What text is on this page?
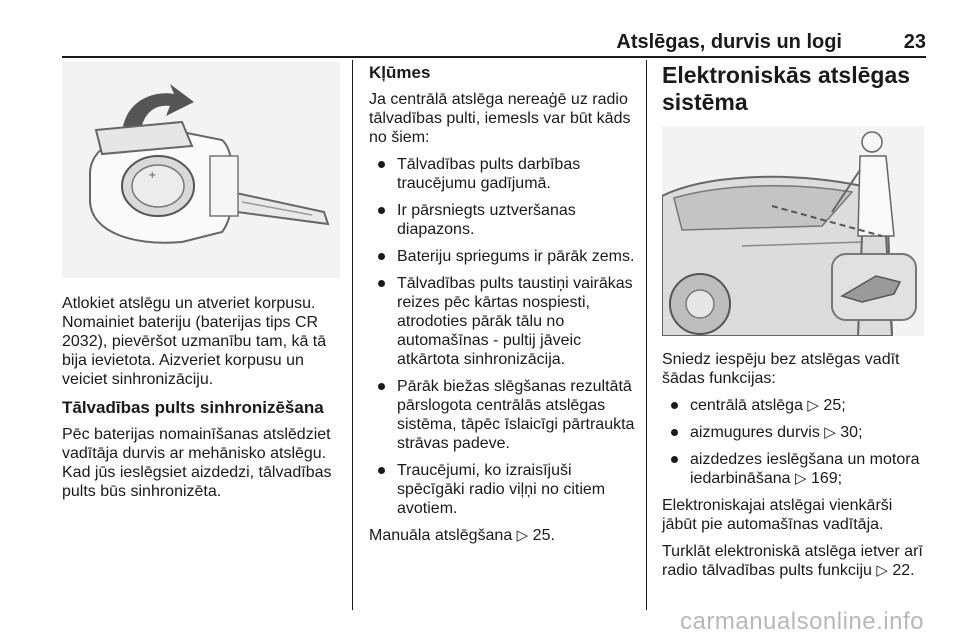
Atslēgas, durvis un logi	23
+

Atlokiet atslēgu un atveriet korpusu. Nomainiet bateriju (baterijas tips CR 2032), pievēršot uzmanību tam, kā tā bija ievietota. Aizveriet korpusu un veiciet sinhronizāciju.

Tālvadības pults sinhronizēšana

Pēc baterijas nomainīšanas atslēdziet vadītāja durvis ar mehānisko atslēgu. Kad jūs ieslēgsiet aizdedzi, tālvadības pults būs sinhronizēta.

Kļūmes

Ja centrālā atslēga nereaģē uz radio tālvadības pulti, iemesls var būt kāds no šiem:

Tālvadības pults darbības traucējumu gadījumā.
Ir pārsniegts uztveršanas diapazons.
Bateriju spriegums ir pārāk zems.
Tālvadības pults taustiņi vairākas reizes pēc kārtas nospiesti, atrodoties pārāk tālu no automašīnas - pultij jāveic atkārtota sinhronizācija.
Pārāk biežas slēgšanas rezultātā pārslogota centrālās atslēgas sistēma, tāpēc īslaicīgi pārtraukta strāvas padeve.
Traucējumi, ko izraisījuši spēcīgāki radio viļņi no citiem avotiem.

Manuāla atslēgšana ▷ 25.

Elektroniskās atslēgas sistēma

Sniedz iespēju bez atslēgas vadīt šādas funkcijas:

centrālā atslēga ▷ 25;
aizmugures durvis ▷ 30;
aizdedzes ieslēgšana un motora iedarbināšana ▷ 169;

Elektroniskajai atslēgai vienkārši jābūt pie automašīnas vadītāja.

Turklāt elektroniskā atslēga ietver arī radio tālvadības pults funkciju ▷ 22.

carmanualsonline.info
